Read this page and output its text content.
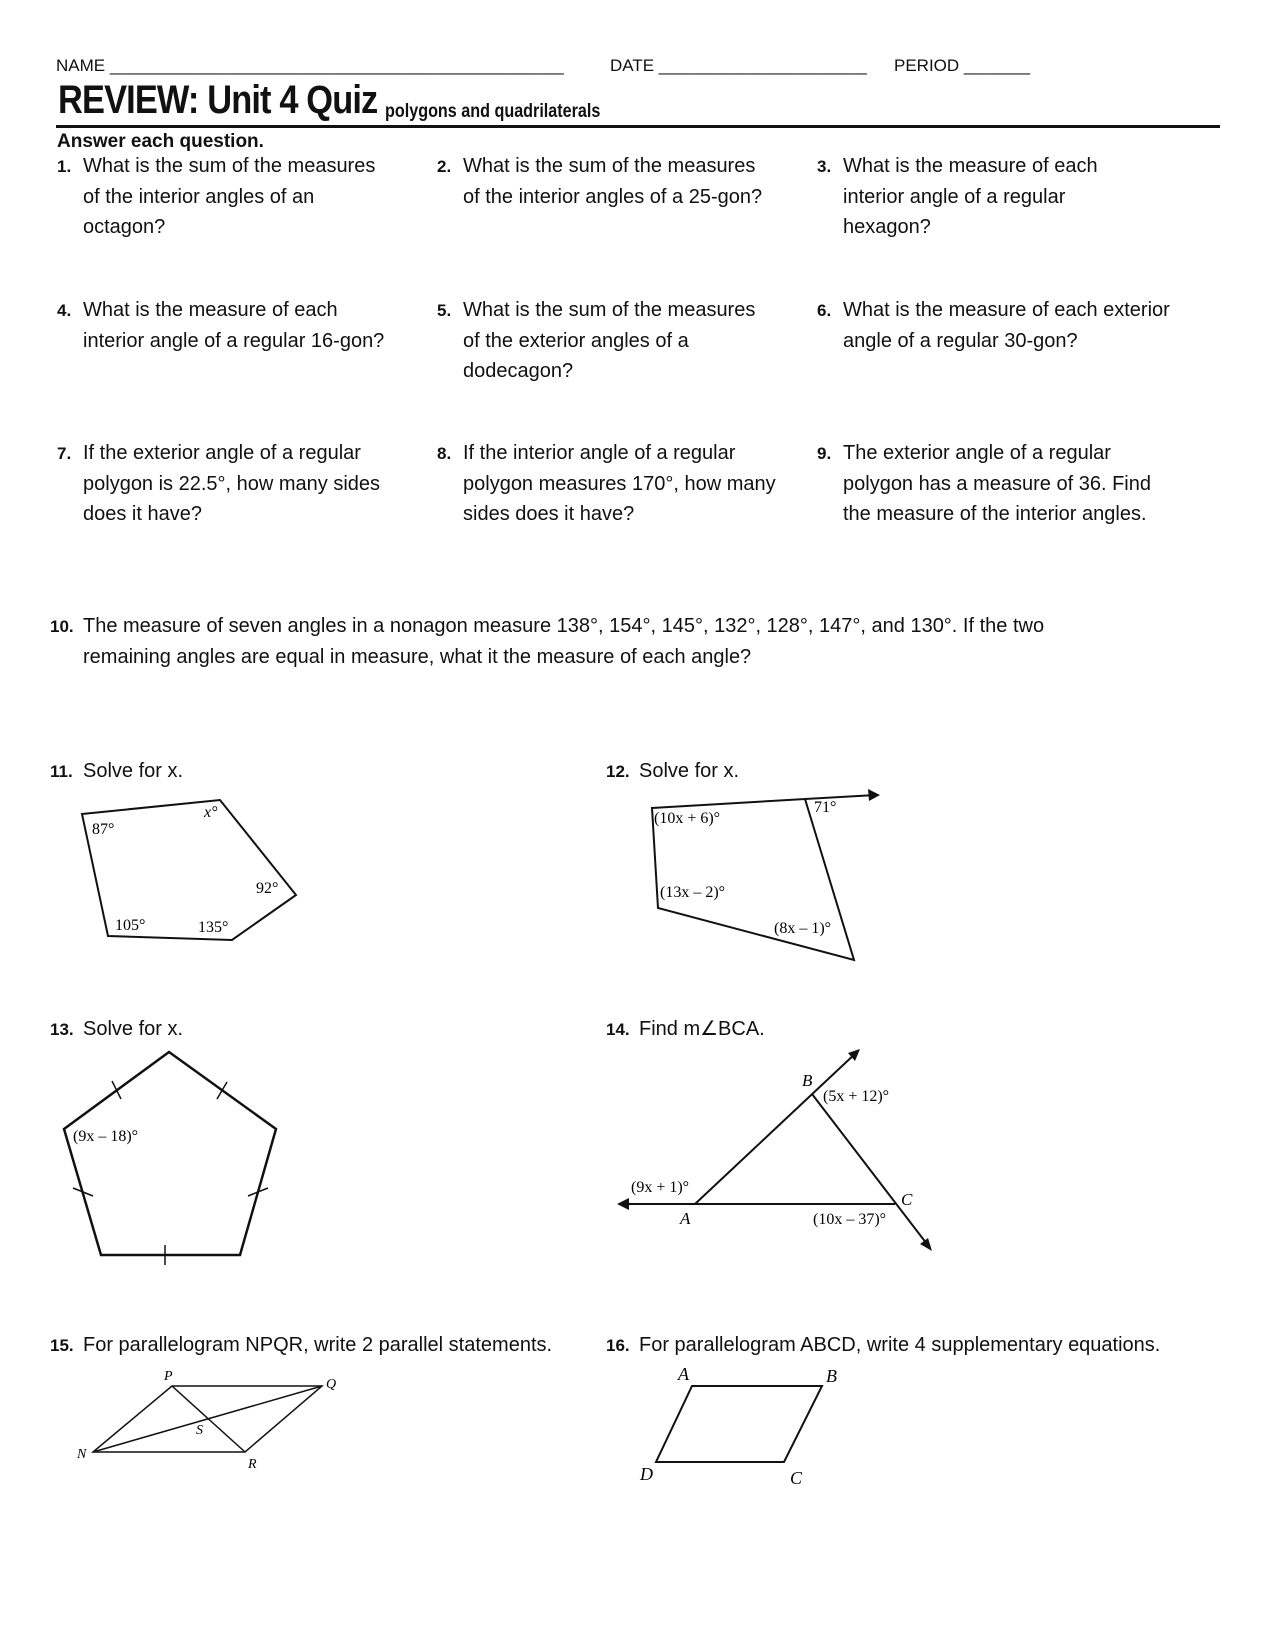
NAME ________________________________________________	DATE ______________________ PERIOD _______
REVIEW: Unit 4 Quiz polygons and quadrilaterals
Answer each question.
1. What is the sum of the measures of the interior angles of an octagon?
2. What is the sum of the measures of the interior angles of a 25-gon?
3. What is the measure of each interior angle of a regular hexagon?
4. What is the measure of each interior angle of a regular 16-gon?
5. What is the sum of the measures of the exterior angles of a dodecagon?
6. What is the measure of each exterior angle of a regular 30-gon?
7. If the exterior angle of a regular polygon is 22.5°, how many sides does it have?
8. If the interior angle of a regular polygon measures 170°, how many sides does it have?
9. The exterior angle of a regular polygon has a measure of 36. Find the measure of the interior angles.
10. The measure of seven angles in a nonagon measure 138°, 154°, 145°, 132°, 128°, 147°, and 130°. If the two remaining angles are equal in measure, what it the measure of each angle?
11. Solve for x.	12. Solve for x.
13. Solve for x.	14. Find m∠BCA.
15. For parallelogram NPQR, write 2 parallel statements.	16. For parallelogram ABCD, write 4 supplementary equations.
87°
x°
92°
135°
105°
(10x + 6)°
71°
(13x – 2)°
(8x – 1)°
(9x – 18)°
B
A
C
(5x + 12)°
(9x + 1)°
(10x – 37)°
P
Q
N
R
S
A	B
C
D
